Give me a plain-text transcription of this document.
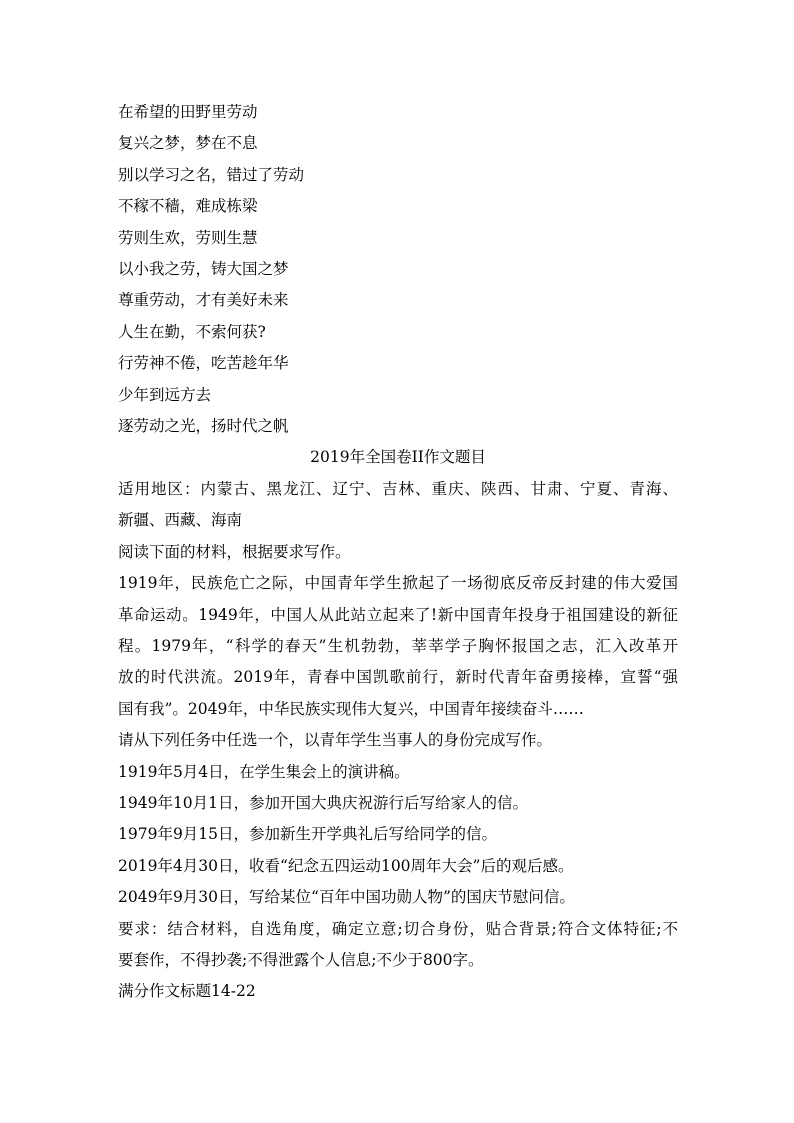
在希望的田野里劳动
复兴之梦，梦在不息
别以学习之名，错过了劳动
不稼不穑，难成栋梁
劳则生欢，劳则生慧
以小我之劳，铸大国之梦
尊重劳动，才有美好未来
人生在勤，不索何获?
行劳神不倦，吃苦趁年华
少年到远方去
逐劳动之光，扬时代之帆
2019年全国卷II作文题目
适用地区：内蒙古、黑龙江、辽宁、吉林、重庆、陕西、甘肃、宁夏、青海、
新疆、西藏、海南
阅读下面的材料，根据要求写作。
1919年，民族危亡之际，中国青年学生掀起了一场彻底反帝反封建的伟大爱国
革命运动。1949年，中国人从此站立起来了!新中国青年投身于祖国建设的新征
程。1979年，“科学的春天”生机勃勃，莘莘学子胸怀报国之志，汇入改革开
放的时代洪流。2019年，青春中国凯歌前行，新时代青年奋勇接棒，宣誓“强
国有我”。2049年，中华民族实现伟大复兴，中国青年接续奋斗……
请从下列任务中任选一个，以青年学生当事人的身份完成写作。
1919年5月4日，在学生集会上的演讲稿。
1949年10月1日，参加开国大典庆祝游行后写给家人的信。
1979年9月15日，参加新生开学典礼后写给同学的信。
2019年4月30日，收看“纪念五四运动100周年大会”后的观后感。
2049年9月30日，写给某位“百年中国功勋人物”的国庆节慰问信。
要求：结合材料，自选角度，确定立意;切合身份，贴合背景;符合文体特征;不
要套作，不得抄袭;不得泄露个人信息;不少于800字。
满分作文标题14-22
